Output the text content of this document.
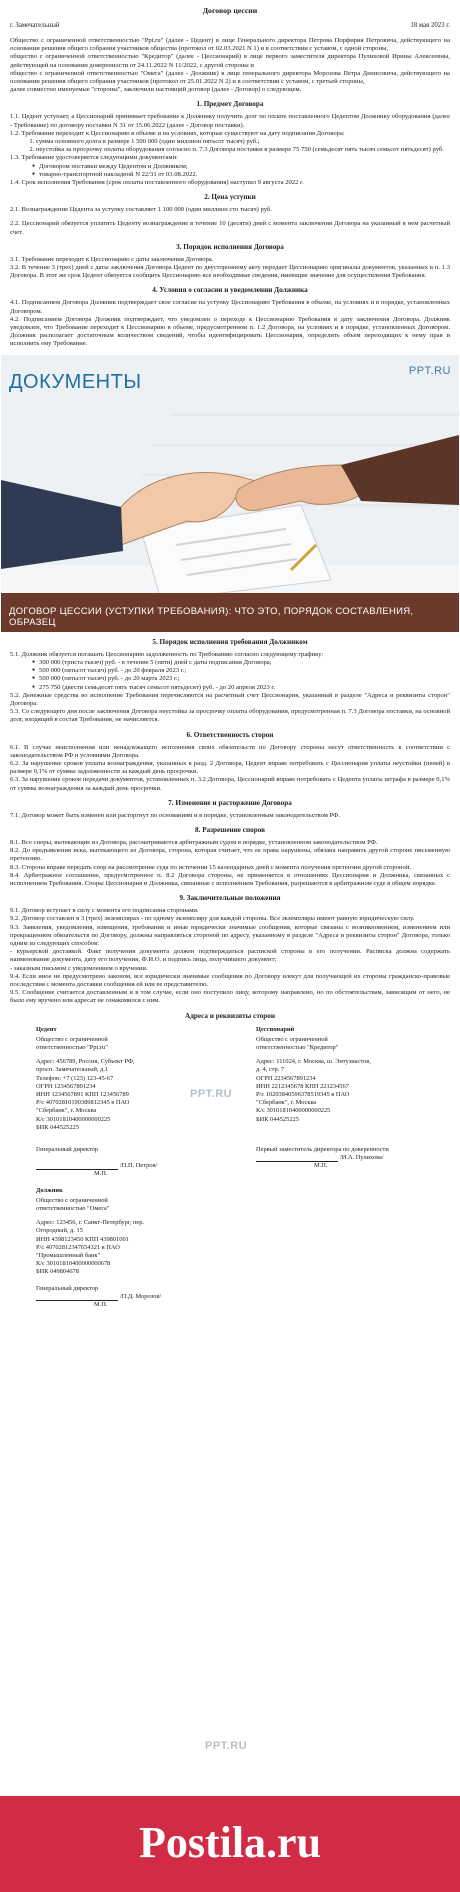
Договор цессии
г. Замечательный	18 мая 2023 г.

Общество с ограниченной ответственностью "Ppt.ru" (далее - Цедент) в лице Генерального директора Петрова Порфирия Петровича, действующего на основании решения общего собрания участников общества (протокол от 02.03.2021 N 1) и в соответствии с уставом, с одной стороны,

общество с ограниченной ответственностью "Кредитор" (далее - Цессионарий) в лице первого заместителя директора Пулиховой Ирины Алексеевны, действующей на основании доверенности от 24.11.2022 N 11/2022, с другой стороны и

общество с ограниченной ответственностью "Омега" (далее - Должник) в лице генерального директора Морозова Петра Денисовича, действующего на основании решения общего собрания участников (протокол от 25.01.2022 N 2) и в соответствии с уставом, с третьей стороны,

далее совместно именуемые "стороны", заключили настоящий договор (далее - Договор) о следующем.

1. Предмет Договора

1.1. Цедент уступает, а Цессионарий принимает требование к Должнику получить долг по оплате поставленного Цедентом Должнику оборудования (далее - Требование) по договору поставки N 31 от 15.06.2022 (далее - Договор поставки).

1.2. Требование переходит к Цессионарию в объеме и на условиях, которые существуют на дату подписания Договора:

1. сумма основного долга в размере 1 500 000 (один миллион пятьсот тысяч) руб.;
2. неустойка за просрочку оплаты оборудования согласно п. 7.3 Договора поставки в размере 75 750 (семьдесят пять тысяч семьсот пятьдесят) руб.

1.3. Требование удостоверяется следующими документами:

● Договором поставки между Цедентом и Должником;
● товарно-транспортной накладной N 22/31 от 03.08.2022.

1.4. Срок исполнения Требования (срок оплаты поставленного оборудования) наступил 9 августа 2022 г.

2. Цена уступки

2.1. Вознаграждение Цедента за уступку составляет 1 100 000 (один миллион сто тысяч) руб.

2.2. Цессионарий обязуется уплатить Цеденту вознаграждение в течение 10 (десяти) дней с момента заключения Договора на указанный в нем расчетный счет.

3. Порядок исполнения Договора

3.1. Требование переходит к Цессионарию с даты заключения Договора.

3.2. В течение 3 (трех) дней с даты заключения Договора Цедент по двустороннему акту передает Цессионарию оригиналы документов, указанных в п. 1.3 Договора. В этот же срок Цедент обязуется сообщить Цессионарию все необходимые сведения, имеющие значение для осуществления Требования.

4. Условия о согласии и уведомлении Должника

4.1. Подписанием Договора Должник подтверждает свое согласие на уступку Цессионарию Требования в объеме, на условиях и в порядке, установленных Договором.

4.2. Подписанием Договора Должник подтверждает, что уведомлен о переходе к Цессионарию Требования в дату заключения Договора. Должник уведомлен, что Требование переходит к Цессионарию в объеме, предусмотренном п. 1.2 Договора, на условиях и в порядке, установленных Договором. Должник располагает достаточным количеством сведений, чтобы идентифицировать Цессионария, определить объем переходящих к нему прав и исполнить ему Требование.

ДОКУМЕНТЫ	PPT.RU
ДОГОВОР ЦЕССИИ (УСТУПКИ ТРЕБОВАНИЯ): ЧТО ЭТО, ПОРЯДОК СОСТАВЛЕНИЯ, ОБРАЗЕЦ
5. Порядок исполнения требования Должником

5.1. Должник обязуется погашать Цессионарию задолженность по Требованию согласно следующему графику:

● 300 000 (триста тысяч) руб. - в течение 5 (пяти) дней с даты подписания Договора;
● 500 000 (пятьсот тысяч) руб. - до 20 февраля 2023 г.;
● 500 000 (пятьсот тысяч) руб. - до 20 марта 2023 г.;
● 275 750 (двести семьдесят пять тысяч семьсот пятьдесят) руб. - до 20 апреля 2023 г.

5.2. Денежные средства во исполнение Требования перечисляются на расчетный счет Цессионария, указанный в разделе "Адреса и реквизиты сторон" Договора.

5.3. Со следующего дня после заключения Договора неустойка за просрочку оплаты оборудования, предусмотренная п. 7.3 Договора поставки, на основной долг, входящий в состав Требования, не начисляется.

6. Ответственность сторон

6.1. В случае неисполнения или ненадлежащего исполнения своих обязательств по Договору стороны несут ответственность в соответствии с законодательством РФ и условиями Договора.

6.2. За нарушение сроков уплаты вознаграждения, указанных в разд. 2 Договора, Цедент вправе потребовать с Цессионария уплаты неустойки (пеней) в размере 0,1% от суммы задолженности за каждый день просрочки.

6.3. За нарушение сроков передачи документов, установленных п. 3.2 Договора, Цессионарий вправе потребовать с Цедента уплаты штрафа в размере 0,1% от суммы вознаграждения за каждый день просрочки.

7. Изменение и расторжение Договора

7.1. Договор может быть изменен или расторгнут по основаниям и в порядке, установленным законодательством РФ.

8. Разрешение споров

8.1. Все споры, вытекающие из Договора, рассматриваются арбитражным судом в порядке, установленном законодательством РФ.

8.2. До предъявления иска, вытекающего из Договора, сторона, которая считает, что ее права нарушены, обязана направить другой стороне письменную претензию.

8.3. Сторона вправе передать спор на рассмотрение суда по истечении 15 календарных дней с момента получения претензии другой стороной.

8.4. Арбитражное соглашение, предусмотренное п. 8.2 Договора стороны, не применяется в отношениях Цессионария и Должника, связанных с исполнением Требования. Споры Цессионария и Должника, связанные с исполнением Требования, разрешаются в арбитражном суде в общем порядке.

9. Заключительные положения

9.1. Договор вступает в силу с момента его подписания сторонами.

9.2. Договор составлен в 3 (трех) экземплярах - по одному экземпляру для каждой стороны. Все экземпляры имеют равную юридическую силу.

9.3. Заявления, уведомления, извещения, требования и иные юридически значимые сообщения, которые связаны с возникновением, изменением или прекращением обязательств по Договору, должны направляться стороной по адресу, указанному в разделе "Адреса и реквизиты сторон" Договора, только одним из следующих способов:

- курьерской доставкой. Факт получения документа должен подтверждаться распиской стороны в его получении. Расписка должна содержать наименование документа, дату его получения, Ф.И.О. и подпись лица, получившего документ;

- заказным письмом с уведомлением о вручении.

9.4. Если иное не предусмотрено законом, все юридически значимые сообщения по Договору влекут для получающей их стороны гражданско-правовые последствия с момента доставки сообщения ей или ее представителю.

9.5. Сообщение считается доставленным и в том случае, если оно поступило лицу, которому направлено, но по обстоятельствам, зависящим от него, не было ему вручено или адресат не ознакомился с ним.

Адреса и реквизиты сторон
Цедент
Общество с ограниченной
ответственностью "Ppt.ru"
Адрес: 456789, Россия, Субъект РФ,
просп. Замечательный, д.1
Телефон: +7 (123) 123-45-67
ОГРН 1234567891234
ИНН 1234567891 КПП 123456789
Р/с 40702810190389812345 в ПАО
"Сбербанк", г. Москва
К/с 30101810400000000225
БИК 044525225
Цессионарий
Общество с ограниченной
ответственностью "Кредитор"
Адрес: 111024, г. Москва, ш. Энтузиастов,
д. 4, стр. 7
ОГРН 2234567891234
ИНН 2212345678 КПП 221234567
Р/с 10203840596378519345 в ПАО
"Сбербанк", г. Москва
К/с 30101810400000000225
БИК 044525225
Генеральный директор
/П.П. Петров/
М.П.
Первый заместитель директора по доверенности
/И.А. Пулихова/
М.П.
Должник
Общество с ограниченной
ответственностью "Омега"
Адрес: 123456, г. Санкт-Петербург, пер.
Огородный, д. 15
ИНН 4398123450 КПП 439801001
Р/с 40702812347654321 в ПАО
"Промышленный банк"
К/с 30101810400000000678
БИК 049804678
Генеральный директор
/П.Д. Морозов/
М.П.
PPT.RU
PPT.RU
Postila.ru
